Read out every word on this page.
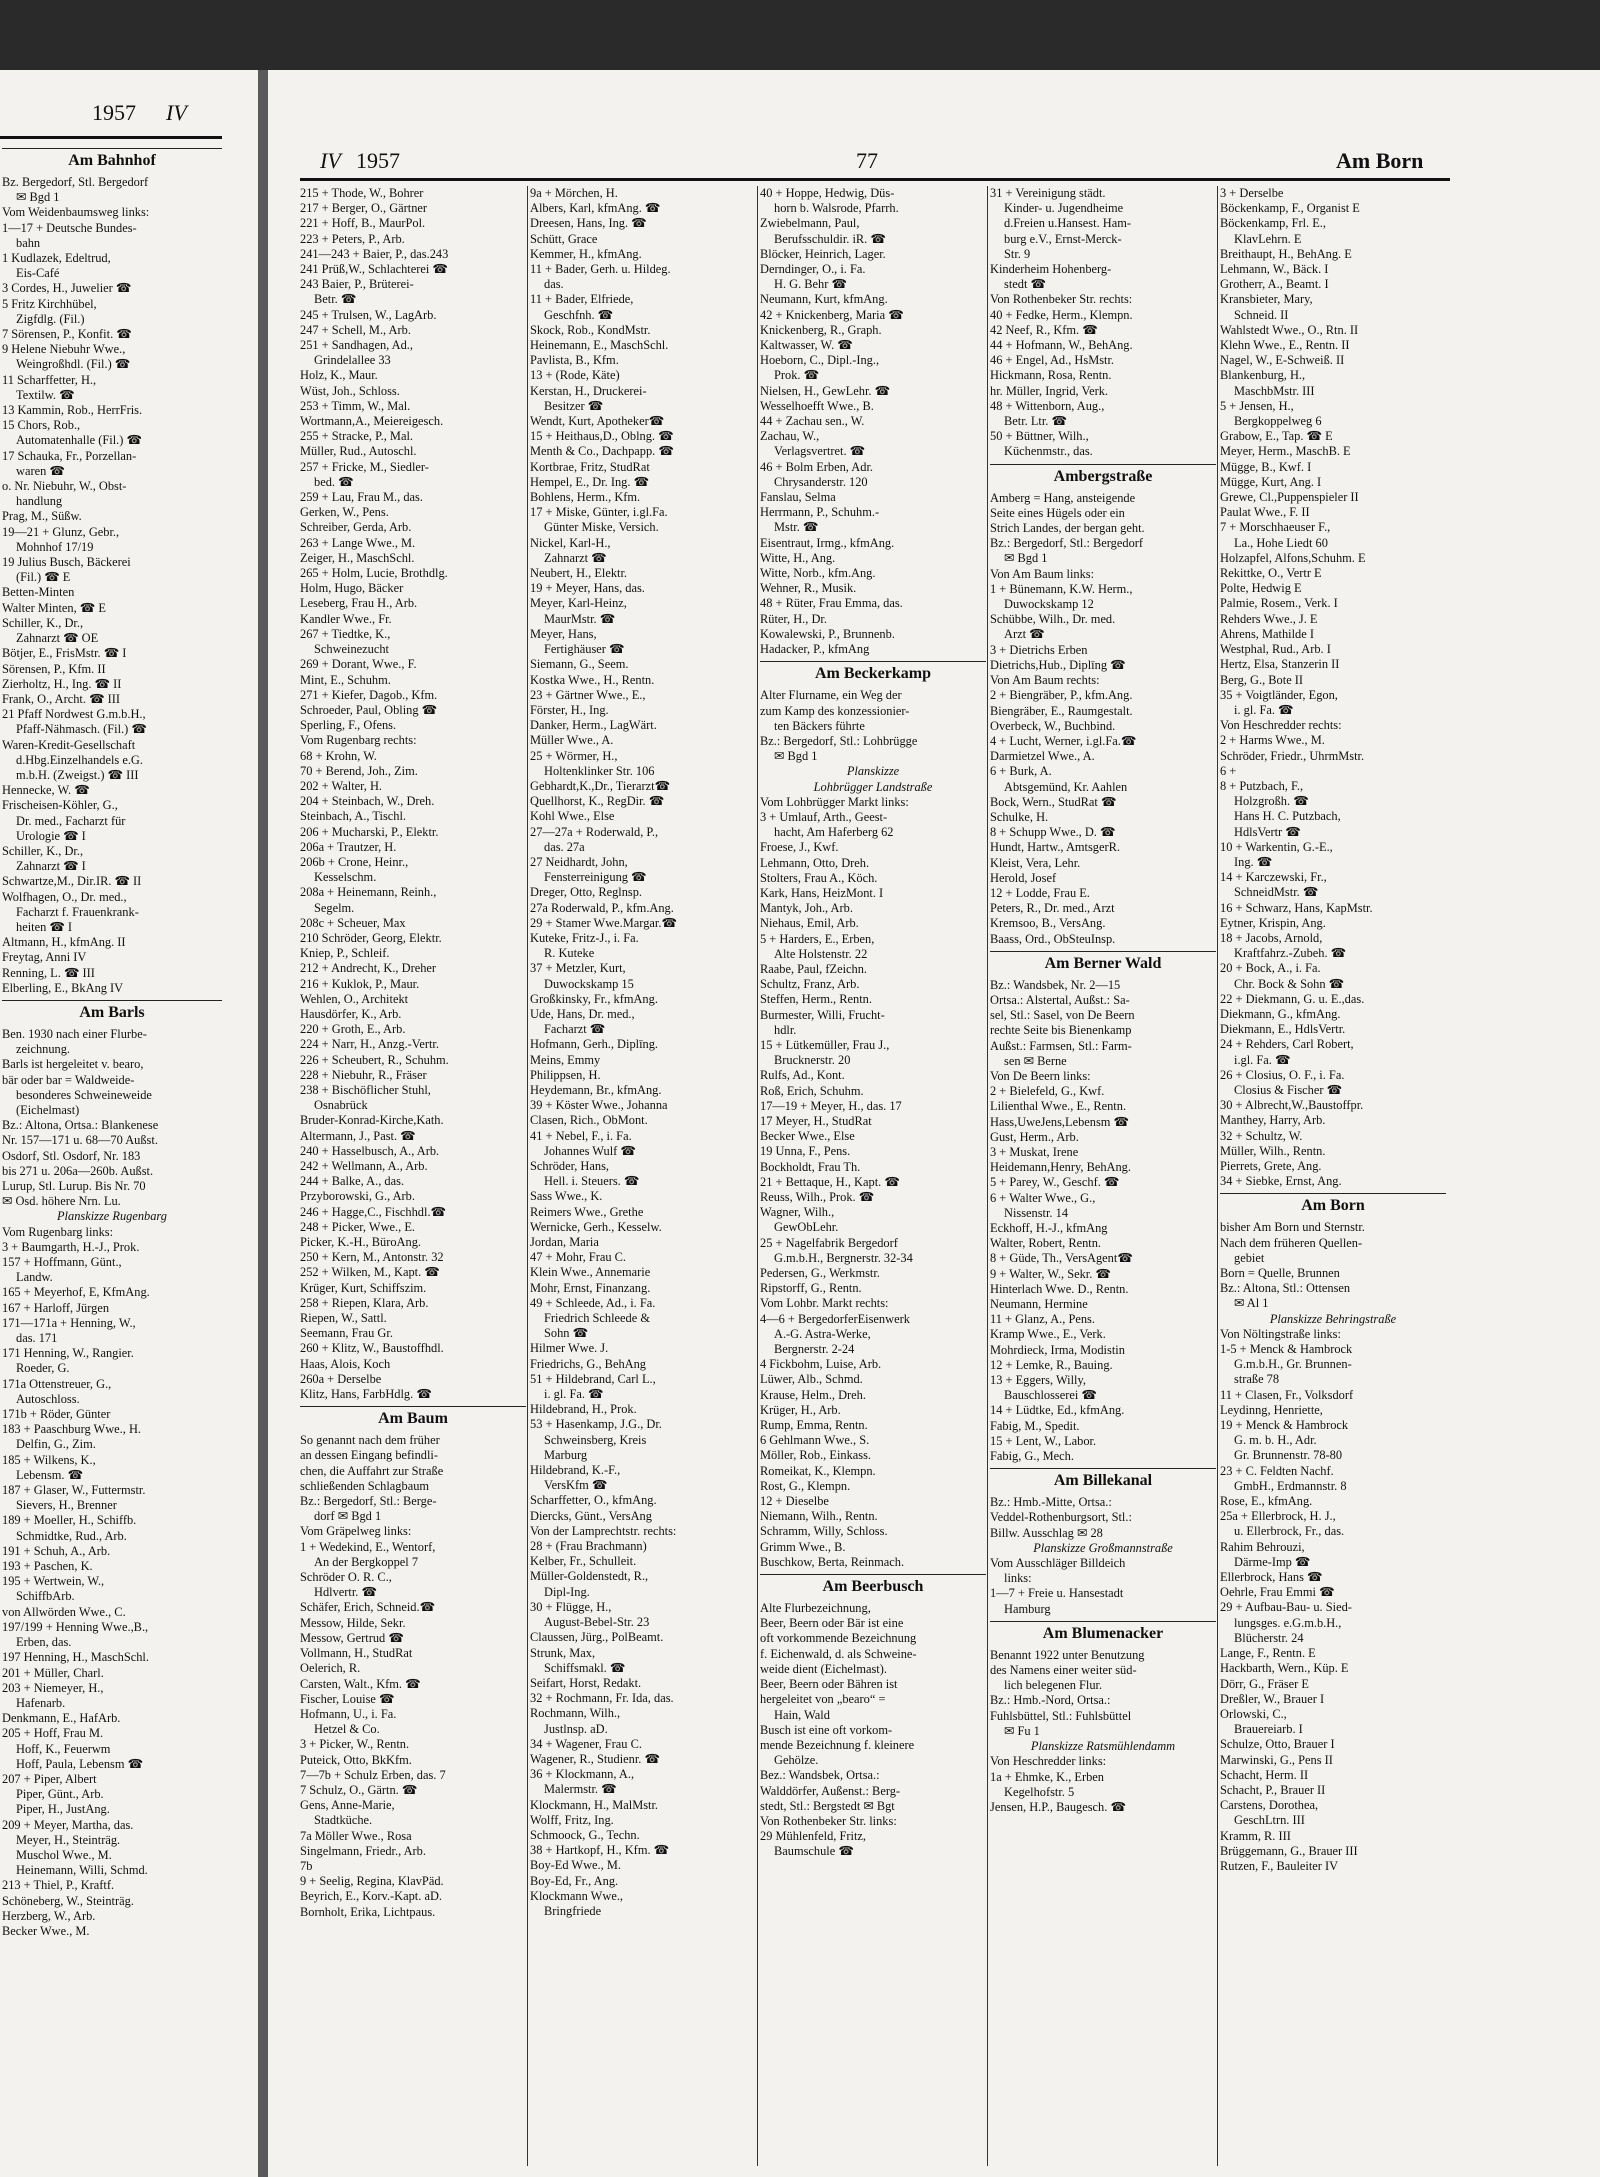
1957 IV
Am Bahnhof
Bz. Bergedorf, Stl. Bergedorf
✉ Bgd 1
Vom Weidenbaumsweg links:
1—17 + Deutsche Bundes-
bahn
1 Kudlazek, Edeltrud,
Eis-Café
3 Cordes, H., Juwelier ☎
5 Fritz Kirchhübel,
Zigfdlg. (Fil.)
7 Sörensen, P., Konfit. ☎
9 Helene Niebuhr Wwe.,
Weingroßhdl. (Fil.) ☎
11 Scharffetter, H.,
Textilw. ☎
13 Kammin, Rob., HerrFris.
15 Chors, Rob.,
Automatenhalle (Fil.) ☎
17 Schauka, Fr., Porzellan-
waren ☎
o. Nr. Niebuhr, W., Obst-
handlung
Prag, M., Süßw.
19—21 + Glunz, Gebr.,
Mohnhof 17/19
19 Julius Busch, Bäckerei
(Fil.) ☎ E
Betten-Minten
Walter Minten, ☎ E
Schiller, K., Dr.,
Zahnarzt ☎ OE
Bötjer, E., FrisMstr. ☎ I
Sörensen, P., Kfm. II
Zierholtz, H., Ing. ☎ II
Frank, O., Archt. ☎ III
21 Pfaff Nordwest G.m.b.H.,
Pfaff-Nähmasch. (Fil.) ☎
Waren-Kredit-Gesellschaft
d.Hbg.Einzelhandels e.G.
m.b.H. (Zweigst.) ☎ III
Hennecke, W. ☎
Frischeisen-Köhler, G.,
Dr. med., Facharzt für
Urologie ☎ I
Schiller, K., Dr.,
Zahnarzt ☎ I
Schwartze,M., Dir.IR. ☎ II
Wolfhagen, O., Dr. med.,
Facharzt f. Frauenkrank-
heiten ☎ I
Altmann, H., kfmAng. II
Freytag, Anni IV
Renning, L. ☎ III
Elberling, E., BkAng IV
Am Barls
Ben. 1930 nach einer Flurbe-
zeichnung.
Barls ist hergeleitet v. bearo,
bär oder bar = Waldweide-
besonderes Schweineweide
(Eichelmast)
Bz.: Altona, Ortsa.: Blankenese
Nr. 157—171 u. 68—70 Außst.
Osdorf, Stl. Osdorf, Nr. 183
bis 271 u. 206a—260b. Außst.
Lurup, Stl. Lurup. Bis Nr. 70
✉ Osd. höhere Nrn. Lu.
Planskizze Rugenbarg
Vom Rugenbarg links:
3 + Baumgarth, H.-J., Prok.
157 + Hoffmann, Günt.,
Landw.
165 + Meyerhof, E, KfmAng.
167 + Harloff, Jürgen
171—171a + Henning, W.,
das. 171
171 Henning, W., Rangier.
Roeder, G.
171a Ottenstreuer, G.,
Autoschloss.
171b + Röder, Günter
183 + Paaschburg Wwe., H.
Delfin, G., Zim.
185 + Wilkens, K.,
Lebensm. ☎
187 + Glaser, W., Futtermstr.
Sievers, H., Brenner
189 + Moeller, H., Schiffb.
Schmidtke, Rud., Arb.
191 + Schuh, A., Arb.
193 + Paschen, K.
195 + Wertwein, W.,
SchiffbArb.
von Allwörden Wwe., C.
197/199 + Henning Wwe.,B.,
Erben, das.
197 Henning, H., MaschSchl.
201 + Müller, Charl.
203 + Niemeyer, H.,
Hafenarb.
Denkmann, E., HafArb.
205 + Hoff, Frau M.
Hoff, K., Feuerwm
Hoff, Paula, Lebensm ☎
207 + Piper, Albert
Piper, Günt., Arb.
Piper, H., JustAng.
209 + Meyer, Martha, das.
Meyer, H., Steinträg.
Muschol Wwe., M.
Heinemann, Willi, Schmd.
213 + Thiel, P., Kraftf.
Schöneberg, W., Steinträg.
Herzberg, W., Arb.
Becker Wwe., M.
IV 1957	77	Am Born
215 + Thode, W., Bohrer
217 + Berger, O., Gärtner
221 + Hoff, B., MaurPol.
223 + Peters, P., Arb.
241—243 + Baier, P., das.243
241 Prüß,W., Schlachterei ☎
243 Baier, P., Brüterei-
Betr. ☎
245 + Trulsen, W., LagArb.
247 + Schell, M., Arb.
251 + Sandhagen, Ad.,
Grindelallee 33
Holz, K., Maur.
Wüst, Joh., Schloss.
253 + Timm, W., Mal.
Wortmann,A., Meiereigesch.
255 + Stracke, P., Mal.
Müller, Rud., Autoschl.
257 + Fricke, M., Siedler-
bed. ☎
259 + Lau, Frau M., das.
Gerken, W., Pens.
Schreiber, Gerda, Arb.
263 + Lange Wwe., M.
Zeiger, H., MaschSchl.
265 + Holm, Lucie, Brothdlg.
Holm, Hugo, Bäcker
Leseberg, Frau H., Arb.
Kandler Wwe., Fr.
267 + Tiedtke, K.,
Schweinezucht
269 + Dorant, Wwe., F.
Mint, E., Schuhm.
271 + Kiefer, Dagob., Kfm.
Schroeder, Paul, Obling ☎
Sperling, F., Ofens.
Vom Rugenbarg rechts:
68 + Krohn, W.
70 + Berend, Joh., Zim.
202 + Walter, H.
204 + Steinbach, W., Dreh.
Steinbach, A., Tischl.
206 + Mucharski, P., Elektr.
206a + Trautzer, H.
206b + Crone, Heinr.,
Kesselschm.
208a + Heinemann, Reinh.,
Segelm.
208c + Scheuer, Max
210 Schröder, Georg, Elektr.
Kniep, P., Schleif.
212 + Andrecht, K., Dreher
216 + Kuklok, P., Maur.
Wehlen, O., Architekt
Hausdörfer, K., Arb.
220 + Groth, E., Arb.
224 + Narr, H., Anzg.-Vertr.
226 + Scheubert, R., Schuhm.
228 + Niebuhr, R., Fräser
238 + Bischöflicher Stuhl,
Osnabrück
Bruder-Konrad-Kirche,Kath.
Altermann, J., Past. ☎
240 + Hasselbusch, A., Arb.
242 + Wellmann, A., Arb.
244 + Balke, A., das.
Przyborowski, G., Arb.
246 + Hagge,C., Fischhdl.☎
248 + Picker, Wwe., E.
Picker, K.-H., BüroAng.
250 + Kern, M., Antonstr. 32
252 + Wilken, M., Kapt. ☎
Krüger, Kurt, Schiffszim.
258 + Riepen, Klara, Arb.
Riepen, W., Sattl.
Seemann, Frau Gr.
260 + Klitz, W., Baustoffhdl.
Haas, Alois, Koch
260a + Derselbe
Klitz, Hans, FarbHdlg. ☎
Am Baum
So genannt nach dem früher
an dessen Eingang befindli-
chen, die Auffahrt zur Straße
schließenden Schlagbaum
Bz.: Bergedorf, Stl.: Berge-
dorf ✉ Bgd 1
Vom Gräpelweg links:
1 + Wedekind, E., Wentorf,
An der Bergkoppel 7
Schröder O. R. C.,
Hdlvertr. ☎
Schäfer, Erich, Schneid.☎
Messow, Hilde, Sekr.
Messow, Gertrud ☎
Vollmann, H., StudRat
Oelerich, R.
Carsten, Walt., Kfm. ☎
Fischer, Louise ☎
Hofmann, U., i. Fa.
Hetzel & Co.
3 + Picker, W., Rentn.
Puteick, Otto, BkKfm.
7—7b + Schulz Erben, das. 7
7 Schulz, O., Gärtn. ☎
Gens, Anne-Marie,
Stadtküche.
7a Möller Wwe., Rosa
Singelmann, Friedr., Arb.
7b
9 + Seelig, Regina, KlavPäd.
Beyrich, E., Korv.-Kapt. aD.
Bornholt, Erika, Lichtpaus.
9a + Mörchen, H.
Albers, Karl, kfmAng. ☎
Dreesen, Hans, Ing. ☎
Schütt, Grace
Kemmer, H., kfmAng.
11 + Bader, Gerh. u. Hildeg.
das.
11 + Bader, Elfriede,
Geschfnh. ☎
Skock, Rob., KondMstr.
Heinemann, E., MaschSchl.
Pavlista, B., Kfm.
13 + (Rode, Käte)
Kerstan, H., Druckerei-
Besitzer ☎
Wendt, Kurt, Apotheker☎
15 + Heithaus,D., Oblng. ☎
Menth & Co., Dachpapp. ☎
Kortbrae, Fritz, StudRat
Hempel, E., Dr. Ing. ☎
Bohlens, Herm., Kfm.
17 + Miske, Günter, i.gl.Fa.
Günter Miske, Versich.
Nickel, Karl-H.,
Zahnarzt ☎
Neubert, H., Elektr.
19 + Meyer, Hans, das.
Meyer, Karl-Heinz,
MaurMstr. ☎
Meyer, Hans,
Fertighäuser ☎
Siemann, G., Seem.
Kostka Wwe., H., Rentn.
23 + Gärtner Wwe., E.,
Förster, H., Ing.
Danker, Herm., LagWärt.
Müller Wwe., A.
25 + Wörmer, H.,
Holtenklinker Str. 106
Gebhardt,K.,Dr., Tierarzt☎
Quellhorst, K., RegDir. ☎
Kohl Wwe., Else
27—27a + Roderwald, P.,
das. 27a
27 Neidhardt, John,
Fensterreinigung ☎
Dreger, Otto, Reglnsp.
27a Roderwald, P., kfm.Ang.
29 + Stamer Wwe.Margar.☎
Kuteke, Fritz-J., i. Fa.
R. Kuteke
37 + Metzler, Kurt,
Duwockskamp 15
Großkinsky, Fr., kfmAng.
Ude, Hans, Dr. med.,
Facharzt ☎
Hofmann, Gerh., Diplīng.
Meins, Emmy
Philippsen, H.
Heydemann, Br., kfmAng.
39 + Köster Wwe., Johanna
Clasen, Rich., ObMont.
41 + Nebel, F., i. Fa.
Johannes Wulf ☎
Schröder, Hans,
Hell. i. Steuers. ☎
Sass Wwe., K.
Reimers Wwe., Grethe
Wernicke, Gerh., Kesselw.
Jordan, Maria
47 + Mohr, Frau C.
Klein Wwe., Annemarie
Mohr, Ernst, Finanzang.
49 + Schleede, Ad., i. Fa.
Friedrich Schleede &
Sohn ☎
Hilmer Wwe. J.
Friedrichs, G., BehAng
51 + Hildebrand, Carl L.,
i. gl. Fa. ☎
Hildebrand, H., Prok.
53 + Hasenkamp, J.G., Dr.
Schweinsberg, Kreis
Marburg
Hildebrand, K.-F.,
VersKfm ☎
Scharffetter, O., kfmAng.
Diercks, Günt., VersAng
Von der Lamprechtstr. rechts:
28 + (Frau Brachmann)
Kelber, Fr., Schulleit.
Müller-Goldenstedt, R.,
Dipl-Ing.
30 + Flügge, H.,
August-Bebel-Str. 23
Claussen, Jürg., PolBeamt.
Strunk, Max,
Schiffsmakl. ☎
Seifart, Horst, Redakt.
32 + Rochmann, Fr. Ida, das.
Rochmann, Wilh.,
Justlnsp. aD.
34 + Wagener, Frau C.
Wagener, R., Studienr. ☎
36 + Klockmann, A.,
Malermstr. ☎
Klockmann, H., MalMstr.
Wolff, Fritz, Ing.
Schmoock, G., Techn.
38 + Hartkopf, H., Kfm. ☎
Boy-Ed Wwe., M.
Boy-Ed, Fr., Ang.
Klockmann Wwe.,
Bringfriede
40 + Hoppe, Hedwig, Düs-
horn b. Walsrode, Pfarrh.
Zwiebelmann, Paul,
Berufsschuldir. iR. ☎
Blöcker, Heinrich, Lager.
Derndinger, O., i. Fa.
H. G. Behr ☎
Neumann, Kurt, kfmAng.
42 + Knickenberg, Maria ☎
Knickenberg, R., Graph.
Kaltwasser, W. ☎
Hoeborn, C., Dipl.-Ing.,
Prok. ☎
Nielsen, H., GewLehr. ☎
Wesselhoefft Wwe., B.
44 + Zachau sen., W.
Zachau, W.,
Verlagsvertret. ☎
46 + Bolm Erben, Adr.
Chrysanderstr. 120
Fanslau, Selma
Herrmann, P., Schuhm.-
Mstr. ☎
Eisentraut, Irmg., kfmAng.
Witte, H., Ang.
Witte, Norb., kfm.Ang.
Wehner, R., Musik.
48 + Rüter, Frau Emma, das.
Rüter, H., Dr.
Kowalewski, P., Brunnenb.
Hadacker, P., kfmAng
Am Beckerkamp
Alter Flurname, ein Weg der
zum Kamp des konzessionier-
ten Bäckers führte
Bz.: Bergedorf, Stl.: Lohbrügge
✉ Bgd 1
Planskizze
Lohbrügger Landstraße
Vom Lohbrügger Markt links:
3 + Umlauf, Arth., Geest-
hacht, Am Haferberg 62
Froese, J., Kwf.
Lehmann, Otto, Dreh.
Stolters, Frau A., Köch.
Kark, Hans, HeizMont. I
Mantyk, Joh., Arb.
Niehaus, Emil, Arb.
5 + Harders, E., Erben,
Alte Holstenstr. 22
Raabe, Paul, fZeichn.
Schultz, Franz, Arb.
Steffen, Herm., Rentn.
Burmester, Willi, Frucht-
hdlr.
15 + Lütkemüller, Frau J.,
Brucknerstr. 20
Rulfs, Ad., Kont.
Roß, Erich, Schuhm.
17—19 + Meyer, H., das. 17
17 Meyer, H., StudRat
Becker Wwe., Else
19 Unna, F., Pens.
Bockholdt, Frau Th.
21 + Bettaque, H., Kapt. ☎
Reuss, Wilh., Prok. ☎
Wagner, Wilh.,
GewObLehr.
25 + Nagelfabrik Bergedorf
G.m.b.H., Bergnerstr. 32-34
Pedersen, G., Werkmstr.
Ripstorff, G., Rentn.
Vom Lohbr. Markt rechts:
4—6 + BergedorferEisenwerk
A.-G. Astra-Werke,
Bergnerstr. 2-24
4 Fickbohm, Luise, Arb.
Lüwer, Alb., Schmd.
Krause, Helm., Dreh.
Krüger, H., Arb.
Rump, Emma, Rentn.
6 Gehlmann Wwe., S.
Möller, Rob., Einkass.
Romeikat, K., Klempn.
Rost, G., Klempn.
12 + Dieselbe
Niemann, Wilh., Rentn.
Schramm, Willy, Schloss.
Grimm Wwe., B.
Buschkow, Berta, Reinmach.
Am Beerbusch
Alte Flurbezeichnung,
Beer, Beern oder Bär ist eine
oft vorkommende Bezeichnung
f. Eichenwald, d. als Schweine-
weide dient (Eichelmast).
Beer, Beern oder Bähren ist
hergeleitet von „bearo“ =
Hain, Wald
Busch ist eine oft vorkom-
mende Bezeichnung f. kleinere
Gehölze.
Bez.: Wandsbek, Ortsa.:
Walddörfer, Außenst.: Berg-
stedt, Stl.: Bergstedt ✉ Bgt
Von Rothenbeker Str. links:
29 Mühlenfeld, Fritz,
Baumschule ☎
31 + Vereinigung städt.
Kinder- u. Jugendheime
d.Freien u.Hansest. Ham-
burg e.V., Ernst-Merck-
Str. 9
Kinderheim Hohenberg-
stedt ☎
Von Rothenbeker Str. rechts:
40 + Fedke, Herm., Klempn.
42 Neef, R., Kfm. ☎
44 + Hofmann, W., BehAng.
46 + Engel, Ad., HsMstr.
Hickmann, Rosa, Rentn.
hr. Müller, Ingrid, Verk.
48 + Wittenborn, Aug.,
Betr. Ltr. ☎
50 + Büttner, Wilh.,
Küchenmstr., das.
Ambergstraße
Amberg = Hang, ansteigende
Seite eines Hügels oder ein
Strich Landes, der bergan geht.
Bz.: Bergedorf, Stl.: Bergedorf
✉ Bgd 1
Von Am Baum links:
1 + Bünemann, K.W. Herm.,
Duwockskamp 12
Schübbe, Wilh., Dr. med.
Arzt ☎
3 + Dietrichs Erben
Dietrichs,Hub., Diplīng ☎
Von Am Baum rechts:
2 + Biengräber, P., kfm.Ang.
Biengräber, E., Raumgestalt.
Overbeck, W., Buchbind.
4 + Lucht, Werner, i.gl.Fa.☎
Darmietzel Wwe., A.
6 + Burk, A.
Abtsgemünd, Kr. Aahlen
Bock, Wern., StudRat ☎
Schulke, H.
8 + Schupp Wwe., D. ☎
Hundt, Hartw., AmtsgerR.
Kleist, Vera, Lehr.
Herold, Josef
12 + Lodde, Frau E.
Peters, R., Dr. med., Arzt
Kremsoo, B., VersAng.
Baass, Ord., ObSteuInsp.
Am Berner Wald
Bz.: Wandsbek, Nr. 2—15
Ortsa.: Alstertal, Außst.: Sa-
sel, Stl.: Sasel, von De Beern
rechte Seite bis Bienenkamp
Außst.: Farmsen, Stl.: Farm-
sen ✉ Berne
Von De Beern links:
2 + Bielefeld, G., Kwf.
Lilienthal Wwe., E., Rentn.
Hass,UweJens,Lebensm ☎
Gust, Herm., Arb.
3 + Muskat, Irene
Heidemann,Henry, BehAng.
5 + Parey, W., Geschf. ☎
6 + Walter Wwe., G.,
Nissenstr. 14
Eckhoff, H.-J., kfmAng
Walter, Robert, Rentn.
8 + Güde, Th., VersAgent☎
9 + Walter, W., Sekr. ☎
Hinterlach Wwe. D., Rentn.
Neumann, Hermine
11 + Glanz, A., Pens.
Kramp Wwe., E., Verk.
Mohrdieck, Irma, Modistin
12 + Lemke, R., Bauing.
13 + Eggers, Willy,
Bauschlosserei ☎
14 + Lüdtke, Ed., kfmAng.
Fabig, M., Spedit.
15 + Lent, W., Labor.
Fabig, G., Mech.
Am Billekanal
Bz.: Hmb.-Mitte, Ortsa.:
Veddel-Rothenburgsort, Stl.:
Billw. Ausschlag ✉ 28
Planskizze Großmannstraße
Vom Ausschläger Billdeich
links:
1—7 + Freie u. Hansestadt
Hamburg
Am Blumenacker
Benannt 1922 unter Benutzung
des Namens einer weiter süd-
lich belegenen Flur.
Bz.: Hmb.-Nord, Ortsa.:
Fuhlsbüttel, Stl.: Fuhlsbüttel
✉ Fu 1
Planskizze Ratsmühlendamm
Von Heschredder links:
1a + Ehmke, K., Erben
Kegelhofstr. 5
Jensen, H.P., Baugesch. ☎
3 + Derselbe
Böckenkamp, F., Organist E
Böckenkamp, Frl. E.,
KlavLehrn. E
Breithaupt, H., BehAng. E
Lehmann, W., Bäck. I
Grotherr, A., Beamt. I
Kransbieter, Mary,
Schneid. II
Wahlstedt Wwe., O., Rtn. II
Klehn Wwe., E., Rentn. II
Nagel, W., E-Schweiß. II
Blankenburg, H.,
MaschbMstr. III
5 + Jensen, H.,
Bergkoppelweg 6
Grabow, E., Tap. ☎ E
Meyer, Herm., MaschB. E
Mügge, B., Kwf. I
Mügge, Kurt, Ang. I
Grewe, Cl.,Puppenspieler II
Paulat Wwe., F. II
7 + Morschhaeuser F.,
La., Hohe Liedt 60
Holzapfel, Alfons,Schuhm. E
Rekittke, O., Vertr E
Polte, Hedwig E
Palmie, Rosem., Verk. I
Rehders Wwe., J. E
Ahrens, Mathilde I
Westphal, Rud., Arb. I
Hertz, Elsa, Stanzerin II
Berg, G., Bote II
35 + Voigtländer, Egon,
i. gl. Fa. ☎
Von Heschredder rechts:
2 + Harms Wwe., M.
Schröder, Friedr., UhrmMstr.
6 +
8 + Putzbach, F.,
Holzgroßh. ☎
Hans H. C. Putzbach,
HdlsVertr ☎
10 + Warkentin, G.-E.,
Ing. ☎
14 + Karczewski, Fr.,
SchneidMstr. ☎
16 + Schwarz, Hans, KapMstr.
Eytner, Krispin, Ang.
18 + Jacobs, Arnold,
Kraftfahrz.-Zubeh. ☎
20 + Bock, A., i. Fa.
Chr. Bock & Sohn ☎
22 + Diekmann, G. u. E.,das.
Diekmann, G., kfmAng.
Diekmann, E., HdlsVertr.
24 + Rehders, Carl Robert,
i.gl. Fa. ☎
26 + Closius, O. F., i. Fa.
Closius & Fischer ☎
30 + Albrecht,W.,Baustoffpr.
Manthey, Harry, Arb.
32 + Schultz, W.
Müller, Wilh., Rentn.
Pierrets, Grete, Ang.
34 + Siebke, Ernst, Ang.
Am Born
bisher Am Born und Sternstr.
Nach dem früheren Quellen-
gebiet
Born = Quelle, Brunnen
Bz.: Altona, Stl.: Ottensen
✉ Al 1
Planskizze Behringstraße
Von Nöltingstraße links:
1-5 + Menck & Hambrock
G.m.b.H., Gr. Brunnen-
straße 78
11 + Clasen, Fr., Volksdorf
Leydinng, Henriette,
19 + Menck & Hambrock
G. m. b. H., Adr.
Gr. Brunnenstr. 78-80
23 + C. Feldten Nachf.
GmbH., Erdmannstr. 8
Rose, E., kfmAng.
25a + Ellerbrock, H. J.,
u. Ellerbrock, Fr., das.
Rahim Behrouzi,
Därme-Imp ☎
Ellerbrock, Hans ☎
Oehrle, Frau Emmi ☎
29 + Aufbau-Bau- u. Sied-
lungsges. e.G.m.b.H.,
Blücherstr. 24
Lange, F., Rentn. E
Hackbarth, Wern., Küp. E
Dörr, G., Fräser E
Dreßler, W., Brauer I
Orlowski, C.,
Brauereiarb. I
Schulze, Otto, Brauer I
Marwinski, G., Pens II
Schacht, Herm. II
Schacht, P., Brauer II
Carstens, Dorothea,
GeschLtrn. III
Kramm, R. III
Brüggemann, G., Brauer III
Rutzen, F., Bauleiter IV
